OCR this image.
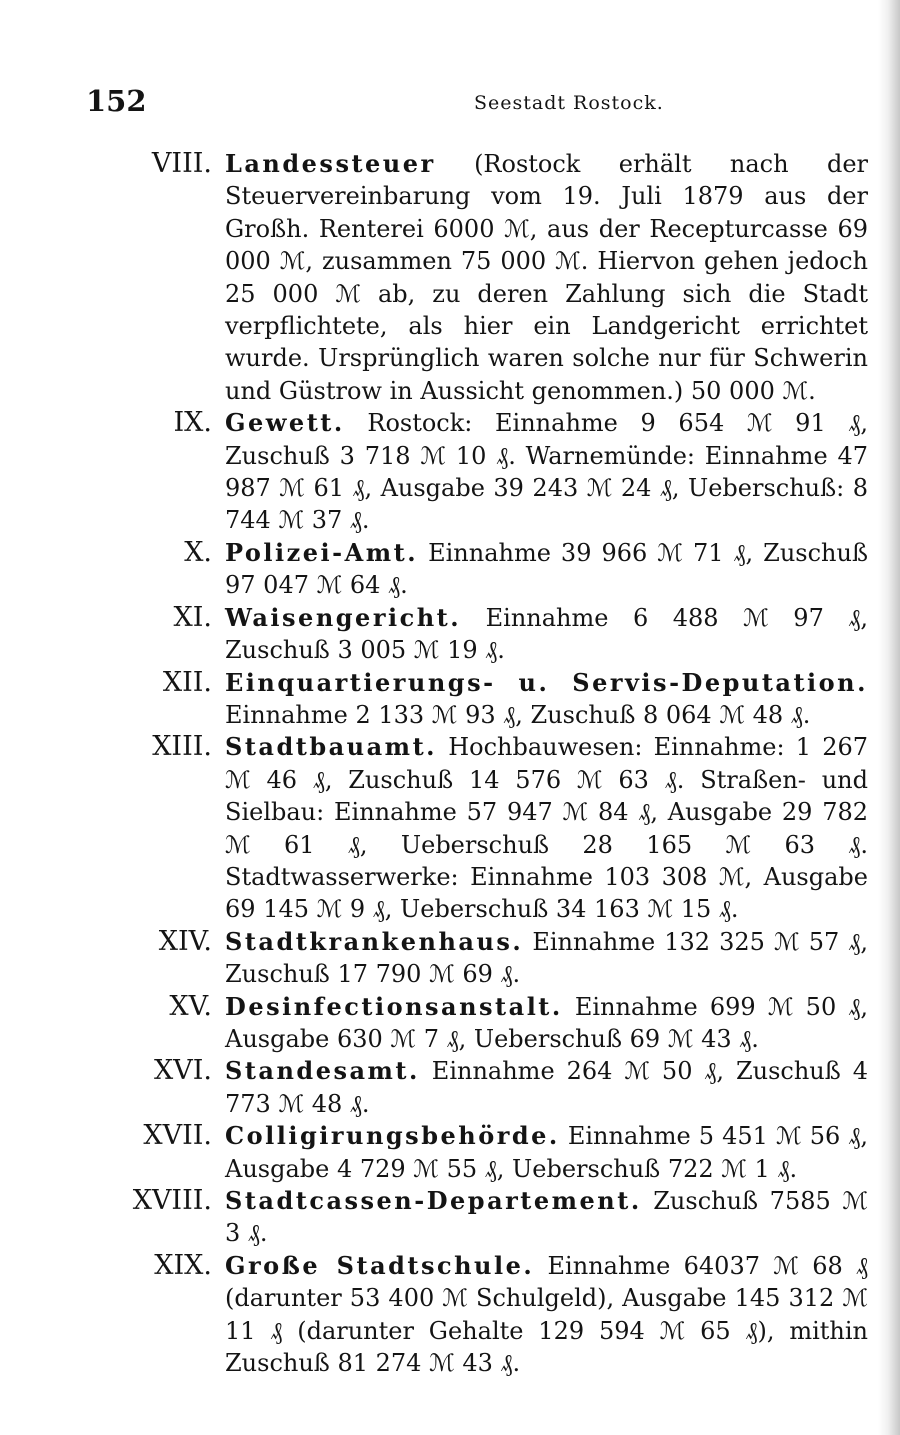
152	Seestadt Rostock.
VIII. Landessteuer (Rostock erhält nach der Steuervereinbarung vom 19. Juli 1879 aus der Großh. Renterei 6000 ℳ, aus der Recepturcasse 69 000 ℳ, zusammen 75 000 ℳ. Hiervon gehen jedoch 25 000 ℳ ab, zu deren Zahlung sich die Stadt verpflichtete, als hier ein Landgericht errichtet wurde. Ursprünglich waren solche nur für Schwerin und Güstrow in Aussicht genommen.) 50 000 ℳ.
IX. Gewett. Rostock: Einnahme 9 654 ℳ 91 ₰, Zuschuß 3 718 ℳ 10 ₰. Warnemünde: Einnahme 47 987 ℳ 61 ₰, Ausgabe 39 243 ℳ 24 ₰, Ueberschuß: 8 744 ℳ 37 ₰.
X. Polizei-Amt. Einnahme 39 966 ℳ 71 ₰, Zuschuß 97 047 ℳ 64 ₰.
XI. Waisengericht. Einnahme 6 488 ℳ 97 ₰, Zuschuß 3 005 ℳ 19 ₰.
XII. Einquartierungs- u. Servis-Deputation. Einnahme 2 133 ℳ 93 ₰, Zuschuß 8 064 ℳ 48 ₰.
XIII. Stadtbauamt. Hochbauwesen: Einnahme: 1 267 ℳ 46 ₰, Zuschuß 14 576 ℳ 63 ₰. Straßen- und Sielbau: Einnahme 57 947 ℳ 84 ₰, Ausgabe 29 782 ℳ 61 ₰, Ueberschuß 28 165 ℳ 63 ₰. Stadtwasserwerke: Einnahme 103 308 ℳ, Ausgabe 69 145 ℳ 9 ₰, Ueberschuß 34 163 ℳ 15 ₰.
XIV. Stadtkrankenhaus. Einnahme 132 325 ℳ 57 ₰, Zuschuß 17 790 ℳ 69 ₰.
XV. Desinfectionsanstalt. Einnahme 699 ℳ 50 ₰, Ausgabe 630 ℳ 7 ₰, Ueberschuß 69 ℳ 43 ₰.
XVI. Standesamt. Einnahme 264 ℳ 50 ₰, Zuschuß 4 773 ℳ 48 ₰.
XVII. Colligirungsbehörde. Einnahme 5 451 ℳ 56 ₰, Ausgabe 4 729 ℳ 55 ₰, Ueberschuß 722 ℳ 1 ₰.
XVIII. Stadtcassen-Departement. Zuschuß 7585 ℳ 3 ₰.
XIX. Große Stadtschule. Einnahme 64037 ℳ 68 ₰ (darunter 53 400 ℳ Schulgeld), Ausgabe 145 312 ℳ 11 ₰ (darunter Gehalte 129 594 ℳ 65 ₰), mithin Zuschuß 81 274 ℳ 43 ₰.
